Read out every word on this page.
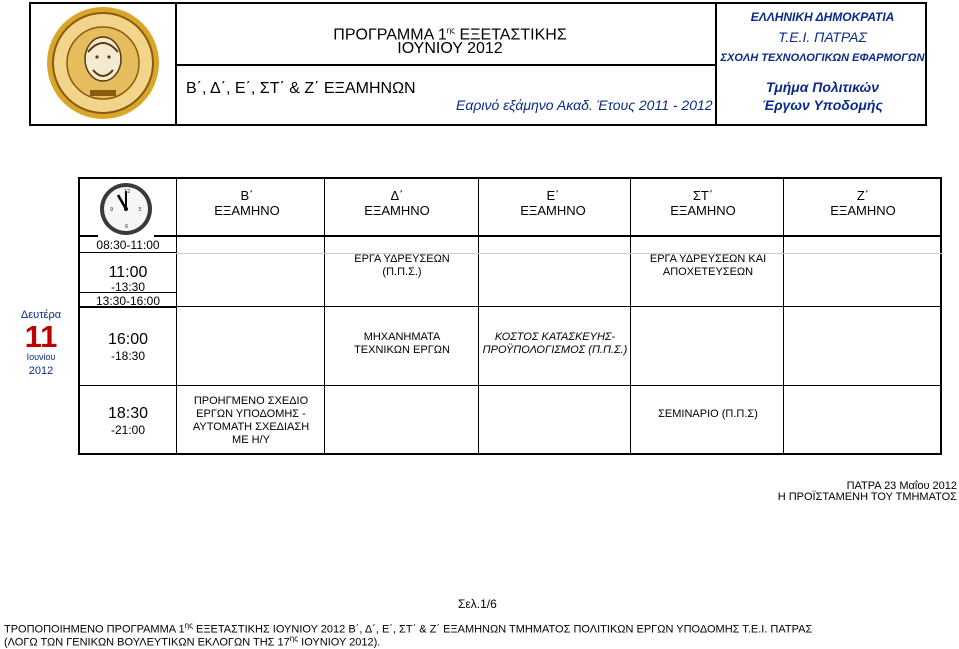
ΠΡΟΓΡΑΜΜΑ $1^{\eta\varsigma}$ ΕΞΕΤΑΣΤΙΚΗΣ
ΙΟΥΝΙΟΥ 2012
Β΄, Δ΄, Ε΄, ΣΤ΄ & Ζ΄ ΕΞΑΜΗΝΩΝ
Εαρινό εξάμηνο Ακαδ. Έτους 2011 - 2012
ΕΛΛΗΝΙΚΗ ΔΗΜΟΚΡΑΤΙΑ
Τ.Ε.Ι. ΠΑΤΡΑΣ
ΣΧΟΛΗ ΤΕΧΝΟΛΟΓΙΚΩΝ ΕΦΑΡΜΟΓΩΝ
Τμήμα Πολιτικών
Έργων Υποδομής
12
3
6
9
Β΄
ΕΞΑΜΗΝΟ
Δ΄
ΕΞΑΜΗΝΟ
Ε΄
ΕΞΑΜΗΝΟ
ΣΤ΄
ΕΞΑΜΗΝΟ
Ζ΄
ΕΞΑΜΗΝΟ
Δευτέρα
11
Ιουνίου
2012
08:30-11:00
11:00
-13:30
13:30-16:00
16:00
-18:30
18:30
-21:00
ΕΡΓΑ ΥΔΡΕΥΣΕΩΝ
(Π.Π.Σ.)
ΕΡΓΑ ΥΔΡΕΥΣΕΩΝ ΚΑΙ
ΑΠΟΧΕΤΕΥΣΕΩΝ
ΜΗΧΑΝΗΜΑΤΑ
ΤΕΧΝΙΚΩΝ ΕΡΓΩΝ
ΚΟΣΤΟΣ ΚΑΤΑΣΚΕΥΗΣ-
ΠΡΟΫΠΟΛΟΓΙΣΜΟΣ (Π.Π.Σ.)
ΠΡΟΗΓΜΕΝΟ ΣΧΕΔΙΟ
ΕΡΓΩΝ ΥΠΟΔΟΜΗΣ -
ΑΥΤΟΜΑΤΗ ΣΧΕΔΙΑΣΗ
ΜΕ Η/Υ
ΣΕΜΙΝΑΡΙΟ (Π.Π.Σ)
ΠΑΤΡΑ 23 Μαΐου 2012
Η ΠΡΟΪΣΤΑΜΕΝΗ ΤΟΥ ΤΜΗΜΑΤΟΣ
Σελ.1/6
ΤΡΟΠΟΠΟΙΗΜΕΝΟ ΠΡΟΓΡΑΜΜΑ $1^{\eta\varsigma}$ ΕΞΕΤΑΣΤΙΚΗΣ ΙΟΥΝΙΟΥ 2012 Β΄, Δ΄, Ε΄, ΣΤ΄ & Ζ΄ ΕΞΑΜΗΝΩΝ ΤΜΗΜΑΤΟΣ ΠΟΛΙΤΙΚΩΝ ΕΡΓΩΝ ΥΠΟΔΟΜΗΣ Τ.Ε.Ι. ΠΑΤΡΑΣ
(ΛΟΓΩ ΤΩΝ ΓΕΝΙΚΩΝ ΒΟΥΛΕΥΤΙΚΩΝ ΕΚΛΟΓΩΝ ΤΗΣ $17^{\eta\varsigma}$ ΙΟΥΝΙΟΥ 2012).
